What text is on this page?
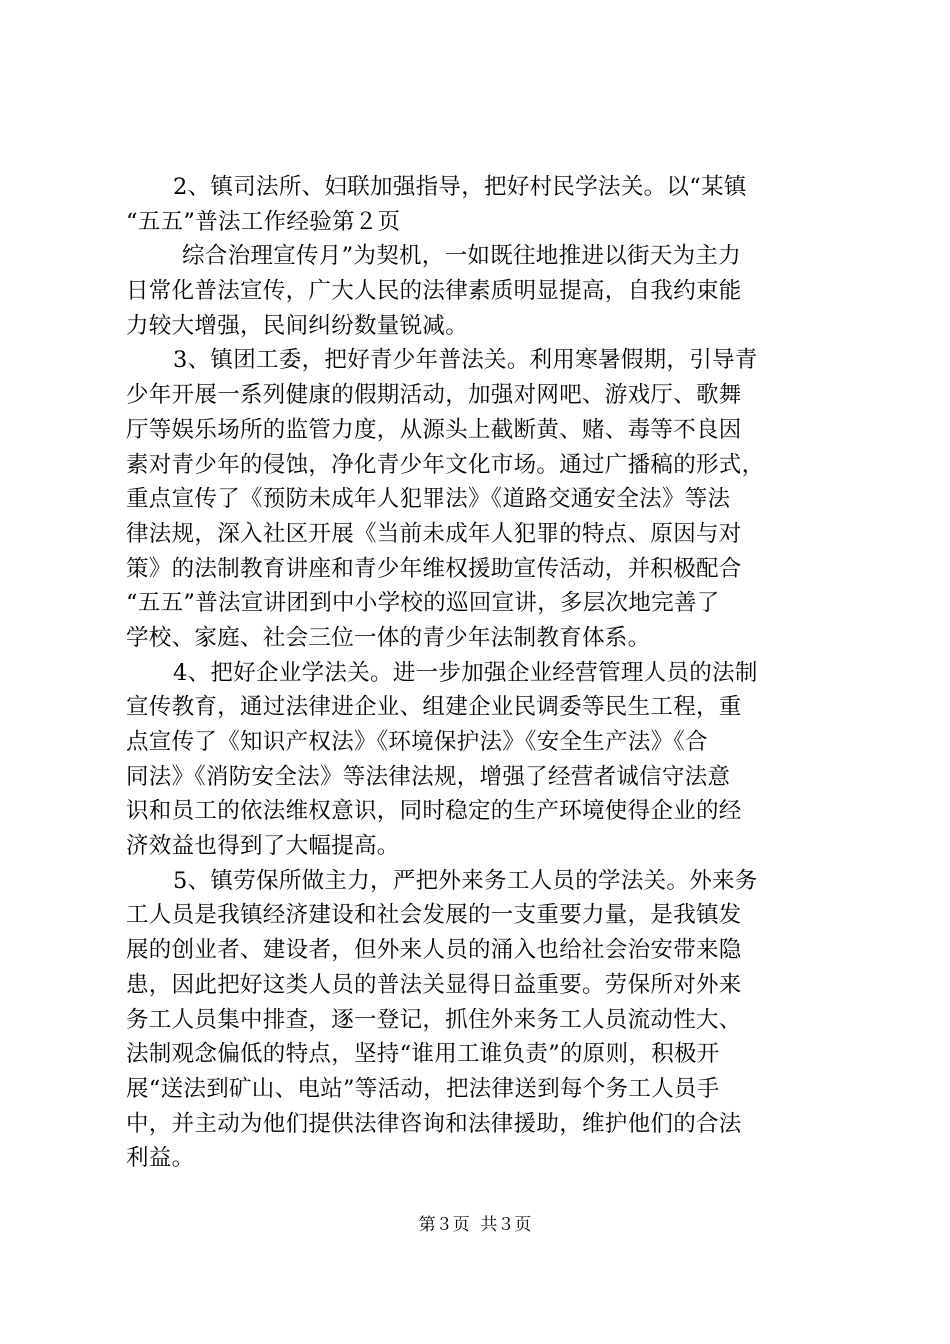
2、镇司法所、妇联加强指导，把好村民学法关。以“某镇
“五五”普法工作经验第２页
综合治理宣传月”为契机，一如既往地推进以街天为主力
日常化普法宣传，广大人民的法律素质明显提高，自我约束能
力较大增强，民间纠纷数量锐减。
3、镇团工委，把好青少年普法关。利用寒暑假期，引导青
少年开展一系列健康的假期活动，加强对网吧、游戏厅、歌舞
厅等娱乐场所的监管力度，从源头上截断黄、赌、毒等不良因
素对青少年的侵蚀，净化青少年文化市场。通过广播稿的形式，
重点宣传了《预防未成年人犯罪法》《道路交通安全法》等法
律法规，深入社区开展《当前未成年人犯罪的特点、原因与对
策》的法制教育讲座和青少年维权援助宣传活动，并积极配合
“五五”普法宣讲团到中小学校的巡回宣讲，多层次地完善了
学校、家庭、社会三位一体的青少年法制教育体系。
4、把好企业学法关。进一步加强企业经营管理人员的法制
宣传教育，通过法律进企业、组建企业民调委等民生工程，重
点宣传了《知识产权法》《环境保护法》《安全生产法》《合
同法》《消防安全法》等法律法规，增强了经营者诚信守法意
识和员工的依法维权意识，同时稳定的生产环境使得企业的经
济效益也得到了大幅提高。
5、镇劳保所做主力，严把外来务工人员的学法关。外来务
工人员是我镇经济建设和社会发展的一支重要力量，是我镇发
展的创业者、建设者，但外来人员的涌入也给社会治安带来隐
患，因此把好这类人员的普法关显得日益重要。劳保所对外来
务工人员集中排查，逐一登记，抓住外来务工人员流动性大、
法制观念偏低的特点，坚持“谁用工谁负责”的原则，积极开
展“送法到矿山、电站”等活动，把法律送到每个务工人员手
中，并主动为他们提供法律咨询和法律援助，维护他们的合法
利益。
第３页 共３页
